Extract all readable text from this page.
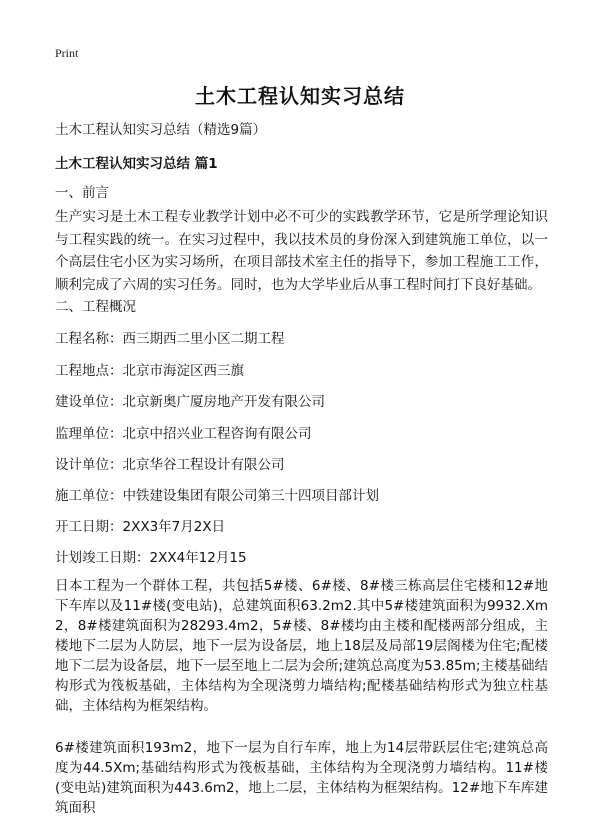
Print
土木工程认知实习总结
土木工程认知实习总结（精选9篇）
土木工程认知实习总结 篇1
一、前言
生产实习是土木工程专业教学计划中必不可少的实践教学环节，它是所学理论知识与工程实践的统一。在实习过程中，我以技术员的身份深入到建筑施工单位，以一个高层住宅小区为实习场所，在项目部技术室主任的指导下，参加工程施工工作，顺利完成了六周的实习任务。同时，也为大学毕业后从事工程时间打下良好基础。
二、工程概况
工程名称：西三期西二里小区二期工程
工程地点：北京市海淀区西三旗
建设单位：北京新奥广厦房地产开发有限公司
监理单位：北京中招兴业工程咨询有限公司
设计单位：北京华谷工程设计有限公司
施工单位：中铁建设集团有限公司第三十四项目部计划
开工日期：2XX3年7月2X日
计划竣工日期：2XX4年12月15
日本工程为一个群体工程，共包括5#楼、6#楼、8#楼三栋高层住宅楼和12#地下车库以及11#楼(变电站)，总建筑面积63.2m2.其中5#楼建筑面积为9932.Xm2，8#楼建筑面积为28293.4m2，5#楼、8#楼均由主楼和配楼两部分组成，主楼地下二层为人防层，地下一层为设备层，地上18层及局部19层阁楼为住宅;配楼地下二层为设备层，地下一层至地上二层为会所;建筑总高度为53.85m;主楼基础结构形式为筏板基础，主体结构为全现浇剪力墙结构;配楼基础结构形式为独立柱基础，主体结构为框架结构。
6#楼建筑面积193m2，地下一层为自行车库，地上为14层带跃层住宅;建筑总高度为44.5Xm;基础结构形式为筏板基础，主体结构为全现浇剪力墙结构。11#楼(变电站)建筑面积为443.6m2，地上二层，主体结构为框架结构。12#地下车库建筑面积
